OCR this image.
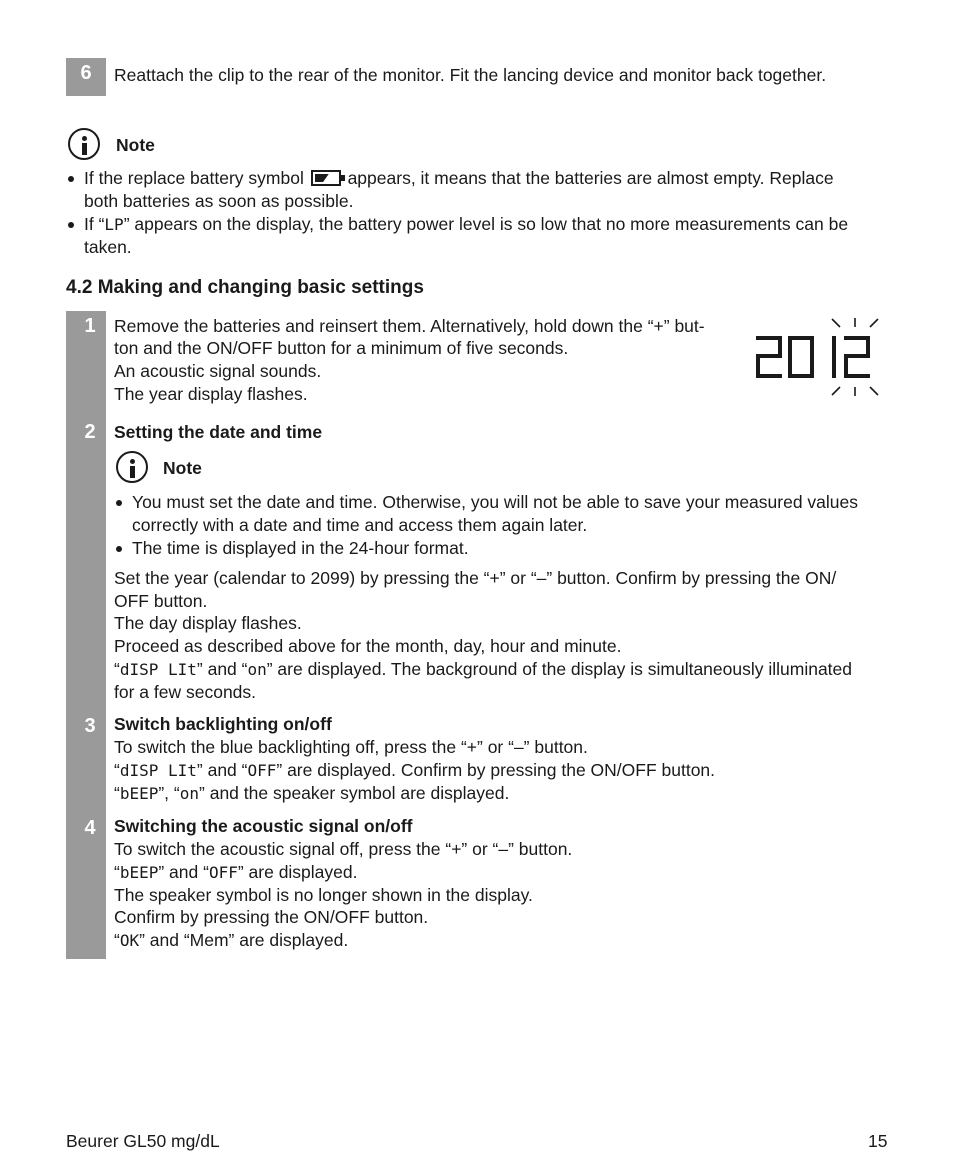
6	Reattach the clip to the rear of the monitor. Fit the lancing device and monitor back together.
Note
If the replace battery symbol	appears, it means that the batteries are almost empty. Replace
both batteries as soon as possible.
If “LP” appears on the display, the battery power level is so low that no more measurements can be
taken.
4.2 Making and changing basic settings
1	Remove the batteries and reinsert them. Alternatively, hold down the “+” but-
ton and the ON/OFF button for a minimum of five seconds.
An acoustic signal sounds.
The year display flashes.
2	Setting the date and time
Note
You must set the date and time. Otherwise, you will not be able to save your measured values
correctly with a date and time and access them again later.
The time is displayed in the 24-hour format.
Set the year (calendar to 2099) by pressing the “+” or “–” button. Confirm by pressing the ON/
OFF button.
The day display flashes.
Proceed as described above for the month, day, hour and minute.
“dISP LIt” and “on” are displayed. The background of the display is simultaneously illuminated
for a few seconds.
3	Switch backlighting on/off
To switch the blue backlighting off, press the “+” or “–” button.
“dISP LIt” and “OFF” are displayed. Confirm by pressing the ON/OFF button.
“bEEP”, “on” and the speaker symbol are displayed.
4	Switching the acoustic signal on/off
To switch the acoustic signal off, press the “+” or “–” button.
“bEEP” and “OFF” are displayed.
The speaker symbol is no longer shown in the display.
Confirm by pressing the ON/OFF button.
“OK” and “Mem” are displayed.
Beurer GL50 mg/dL	15
